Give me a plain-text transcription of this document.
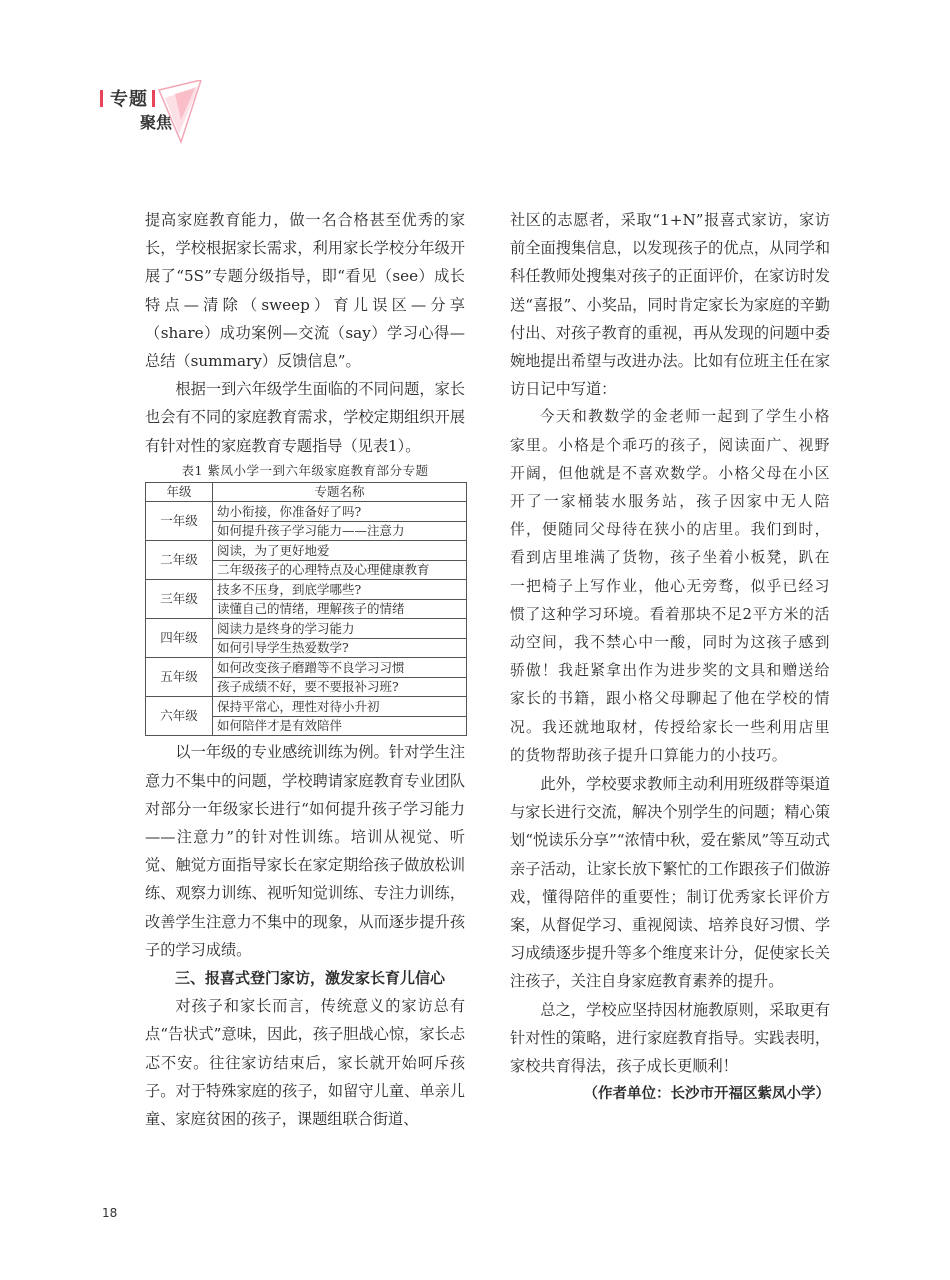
专题
聚焦

提高家庭教育能力，做一名合格甚至优秀的家长，学校根据家长需求，利用家长学校分年级开展了“5S”专题分级指导，即“看见（see）成长特点—清除（sweep）育儿误区—分享（share）成功案例—交流（say）学习心得—总结（summary）反馈信息”。

根据一到六年级学生面临的不同问题，家长也会有不同的家庭教育需求，学校定期组织开展有针对性的家庭教育专题指导（见表1）。

表1 紫凤小学一到六年级家庭教育部分专题

年级	专题名称
一年级	幼小衔接，你准备好了吗?
	如何提升孩子学习能力——注意力
二年级	阅读，为了更好地爱
	二年级孩子的心理特点及心理健康教育
三年级	技多不压身，到底学哪些?
	读懂自己的情绪，理解孩子的情绪
四年级	阅读力是终身的学习能力
	如何引导学生热爱数学?
五年级	如何改变孩子磨蹭等不良学习习惯
	孩子成绩不好，要不要报补习班?
六年级	保持平常心，理性对待小升初
	如何陪伴才是有效陪伴

以一年级的专业感统训练为例。针对学生注意力不集中的问题，学校聘请家庭教育专业团队对部分一年级家长进行“如何提升孩子学习能力——注意力”的针对性训练。培训从视觉、听觉、触觉方面指导家长在家定期给孩子做放松训练、观察力训练、视听知觉训练、专注力训练，改善学生注意力不集中的现象，从而逐步提升孩子的学习成绩。

三、报喜式登门家访，激发家长育儿信心

对孩子和家长而言，传统意义的家访总有点“告状式”意味，因此，孩子胆战心惊，家长忐忑不安。往往家访结束后，家长就开始呵斥孩子。对于特殊家庭的孩子，如留守儿童、单亲儿童、家庭贫困的孩子，课题组联合街道、

社区的志愿者，采取“1+N”报喜式家访，家访前全面搜集信息，以发现孩子的优点，从同学和科任教师处搜集对孩子的正面评价，在家访时发送“喜报”、小奖品，同时肯定家长为家庭的辛勤付出、对孩子教育的重视，再从发现的问题中委婉地提出希望与改进办法。比如有位班主任在家访日记中写道：

今天和教数学的金老师一起到了学生小格家里。小格是个乖巧的孩子，阅读面广、视野开阔，但他就是不喜欢数学。小格父母在小区开了一家桶装水服务站，孩子因家中无人陪伴，便随同父母待在狭小的店里。我们到时，看到店里堆满了货物，孩子坐着小板凳，趴在一把椅子上写作业，他心无旁骛，似乎已经习惯了这种学习环境。看着那块不足2平方米的活动空间，我不禁心中一酸，同时为这孩子感到骄傲！我赶紧拿出作为进步奖的文具和赠送给家长的书籍，跟小格父母聊起了他在学校的情况。我还就地取材，传授给家长一些利用店里的货物帮助孩子提升口算能力的小技巧。

此外，学校要求教师主动利用班级群等渠道与家长进行交流，解决个别学生的问题；精心策划“悦读乐分享”“浓情中秋，爱在紫凤”等互动式亲子活动，让家长放下繁忙的工作跟孩子们做游戏，懂得陪伴的重要性；制订优秀家长评价方案，从督促学习、重视阅读、培养良好习惯、学习成绩逐步提升等多个维度来计分，促使家长关注孩子，关注自身家庭教育素养的提升。

总之，学校应坚持因材施教原则，采取更有针对性的策略，进行家庭教育指导。实践表明，家校共育得法，孩子成长更顺利！

（作者单位：长沙市开福区紫凤小学）

18
